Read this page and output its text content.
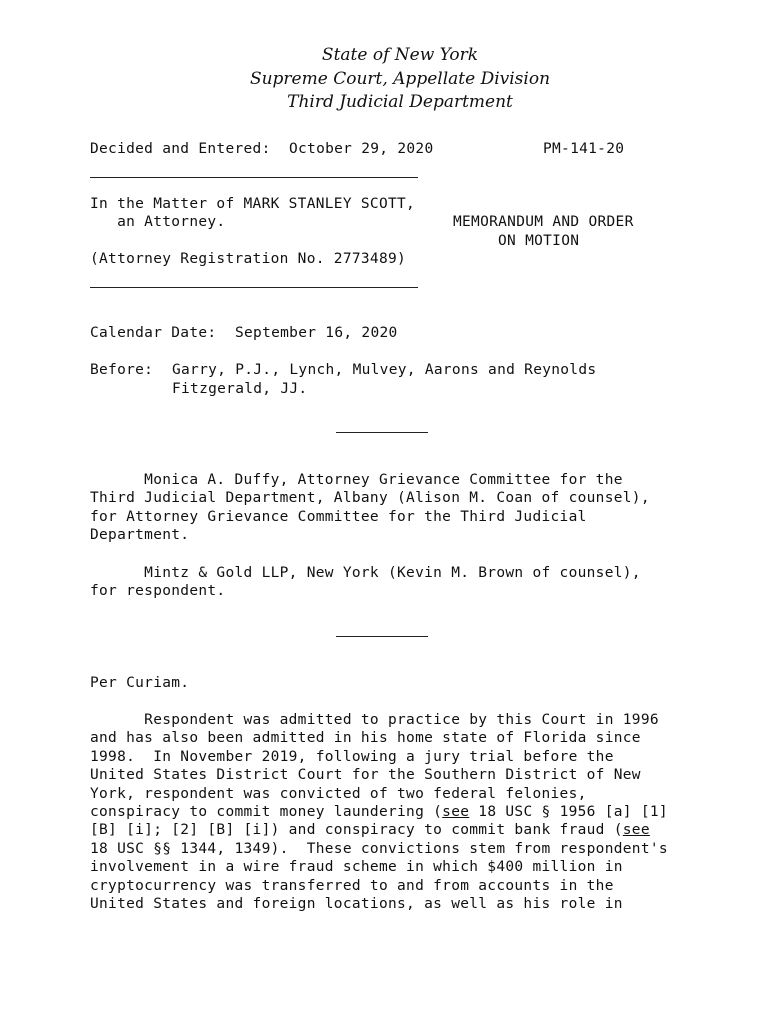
State of New York
Supreme Court, Appellate Division
Third Judicial Department
Decided and Entered: October 29, 2020	PM-141-20
In the Matter of MARK STANLEY SCOTT,
an Attorney.
(Attorney Registration No. 2773489)
MEMORANDUM AND ORDER
ON MOTION
Calendar Date: September 16, 2020
Before: Garry, P.J., Lynch, Mulvey, Aarons and Reynolds
Fitzgerald, JJ.
Monica A. Duffy, Attorney Grievance Committee for the
Third Judicial Department, Albany (Alison M. Coan of counsel),
for Attorney Grievance Committee for the Third Judicial
Department.
Mintz & Gold LLP, New York (Kevin M. Brown of counsel),
for respondent.
Per Curiam.
Respondent was admitted to practice by this Court in 1996
and has also been admitted in his home state of Florida since
1998.  In November 2019, following a jury trial before the
United States District Court for the Southern District of New
York, respondent was convicted of two federal felonies,
conspiracy to commit money laundering (see 18 USC § 1956 [a] [1]
[B] [i]; [2] [B] [i]) and conspiracy to commit bank fraud (see
18 USC §§ 1344, 1349).  These convictions stem from respondent's
involvement in a wire fraud scheme in which $400 million in
cryptocurrency was transferred to and from accounts in the
United States and foreign locations, as well as his role in
